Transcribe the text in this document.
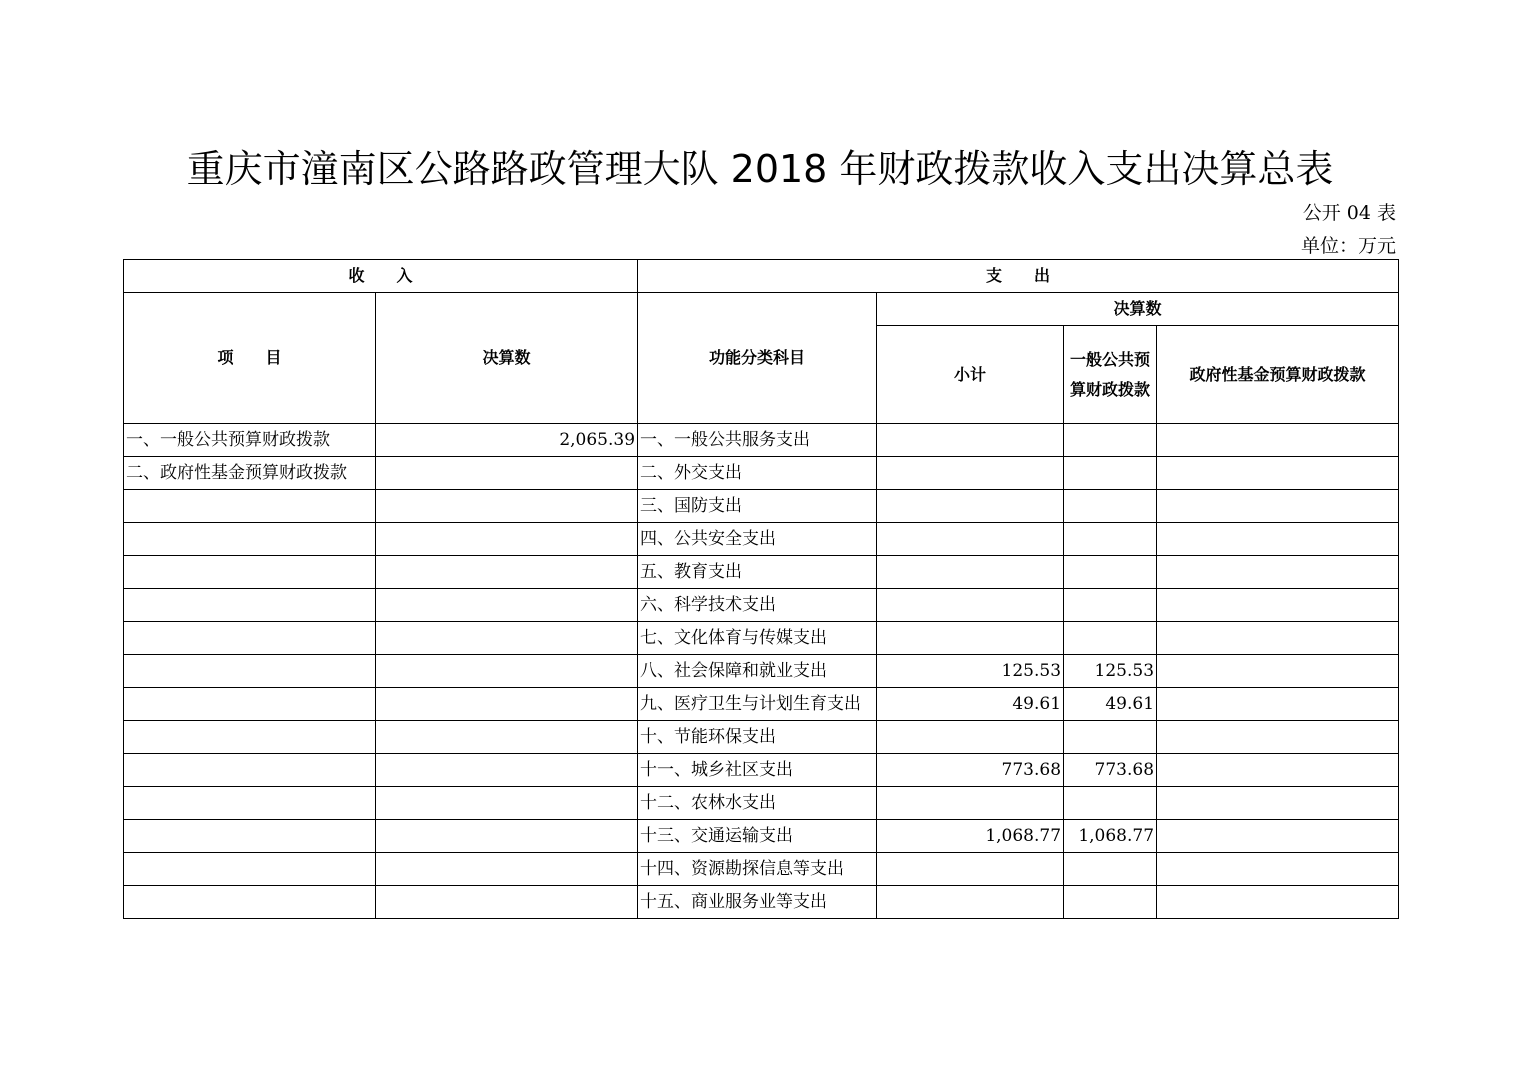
重庆市潼南区公路路政管理大队 2018 年财政拨款收入支出决算总表
公开 04 表
单位：万元
收　　入		支　　出			
项　　目	决算数	功能分类科目	决算数		
			小计	一般公共预算财政拨款	政府性基金预算财政拨款
一、一般公共预算财政拨款	2,065.39	一、一般公共服务支出			
二、政府性基金预算财政拨款		二、外交支出			
		三、国防支出			
		四、公共安全支出			
		五、教育支出			
		六、科学技术支出			
		七、文化体育与传媒支出			
		八、社会保障和就业支出	125.53	125.53	
		九、医疗卫生与计划生育支出	49.61	49.61	
		十、节能环保支出			
		十一、城乡社区支出	773.68	773.68	
		十二、农林水支出			
		十三、交通运输支出	1,068.77	1,068.77	
		十四、资源勘探信息等支出			
		十五、商业服务业等支出			
